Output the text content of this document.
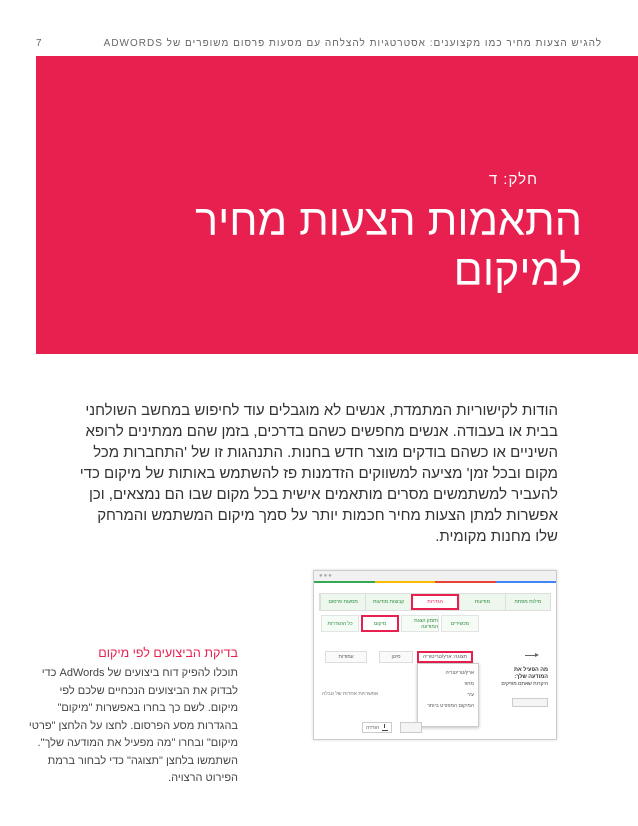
7	להגיש הצעות מחיר כמו מקצוענים: אסטרטגיות להצלחה עם מסעות פרסום משופרים של ADWORDS
חלק: ד
התאמות הצעות מחיר
למיקום

הודות לקישוריות המתמדת, אנשים לא מוגבלים עוד לחיפוש במחשב השולחני בבית או בעבודה. אנשים מחפשים כשהם בדרכים, בזמן שהם ממתינים לרופא השיניים או כשהם בודקים מוצר חדש בחנות. התנהגות זו של 'התחברות מכל מקום ובכל זמן' מציעה למשווקים הזדמנות פז להשתמש באותות של מיקום כדי להעביר למשתמשים מסרים מותאמים אישית בכל מקום שבו הם נמצאים, וכן אפשרות למתן הצעות מחיר חכמות יותר על סמך מיקום המשתמש והמרחק שלו מחנות מקומית.

●●●
מסעות פרסום	קבוצות מודעות	הגדרות	מודעות	מילות מפתח
כל ההגדרות	מיקום	תזמון הצגת המודעה	מכשירים
תצוגה: ארץ/טריטוריה
סינון
עמודות
ארץ/טריטוריה
מחוז
עיר
המיקום המפורט ביותר
מה הפעיל את המודעה שלך:
היקרות שאתם מפיקים
אפשרויות אחרות של טבלה
הורדה
בדיקת הביצועים לפי מיקום

תוכלו להפיק דוח ביצועים של AdWords כדי לבדוק את הביצועים הנכחיים שלכם לפי מיקום. לשם כך בחרו באפשרות "מיקום" בהגדרות מסע הפרסום. לחצו על הלחצן "פרטי מיקום" ובחרו "מה מפעיל את המודעה שלך". השתמשו בלחצן "תצוגה" כדי לבחור ברמת הפירוט הרצויה.
